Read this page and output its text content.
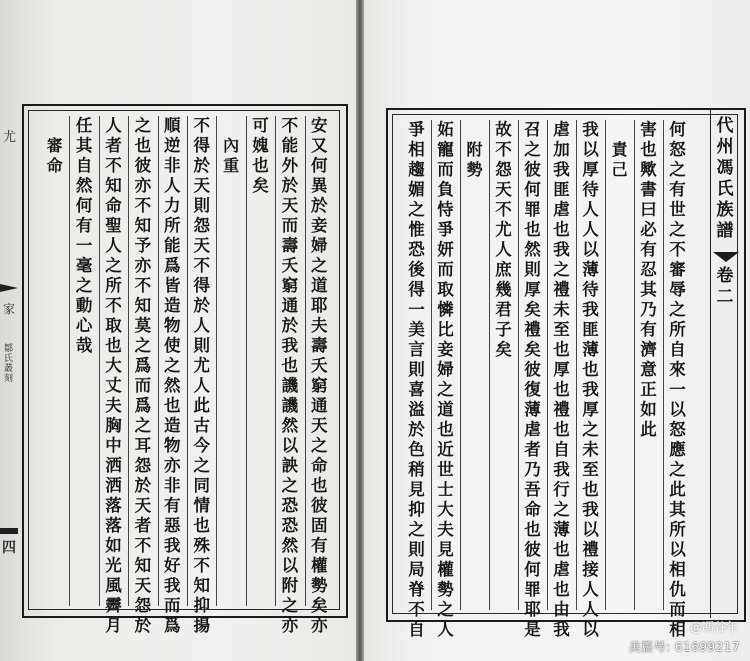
安
又
何
異
於
妾
婦
之
道
耶
夫
壽
夭
窮
通
天
之
命
也
彼
固
有
權
勢
矣
亦
不
能
外
於
天
而
壽
夭
窮
通
於
我
也
譏
譏
然
以
詇
之
恐
恐
然
以
附
之
亦
可
媿
也
矣
內
重
不
得
於
天
則
怨
天
不
得
於
人
則
尤
人
此
古
今
之
同
情
也
殊
不
知
抑
揚
順
逆
非
人
力
所
能
爲
皆
造
物
使
之
然
也
造
物
亦
非
有
惡
我
好
我
而
爲
之
也
彼
亦
不
知
予
亦
不
知
莫
之
爲
而
爲
之
耳
怨
於
天
者
不
知
天
怨
於
人
者
不
知
命
聖
人
之
所
不
取
也
大
丈
夫
胸
中
洒
洒
落
落
如
光
風
霽
月
任
其
自
然
何
有
一
毫
之
動
心
哉
審
命
尤
家
鄒氏叢刻
四
何
怒
之
有
世
之
不
審
辱
之
所
自
來
一
以
怒
應
之
此
其
所
以
相
仇
而
相
害
也
歟
書
曰
必
有
忍
其
乃
有
濟
意
正
如
此
責
己
我
以
厚
待
人
人
以
薄
待
我
匪
薄
也
我
厚
之
未
至
也
我
以
禮
接
人
人
以
虐
加
我
匪
虐
也
我
之
禮
未
至
也
厚
也
禮
也
自
我
行
之
薄
也
虐
也
由
我
召
之
彼
何
罪
也
然
則
厚
矣
禮
矣
彼
復
薄
虐
者
乃
吾
命
也
彼
何
罪
耶
是
故
不
怨
天
不
尤
人
庶
幾
君
子
矣
附
勢
妬
寵
而
負
恃
爭
妍
而
取
憐
比
妾
婦
之
道
也
近
世
士
大
夫
見
權
勢
之
人
爭
相
趨
媚
之
惟
恐
後
得
一
美
言
則
喜
溢
於
色
稍
見
抑
之
則
局
脊
不
自
代
州
馮
氏
族
譜
卷
二
@馮谷年
美篇号: 61699217
